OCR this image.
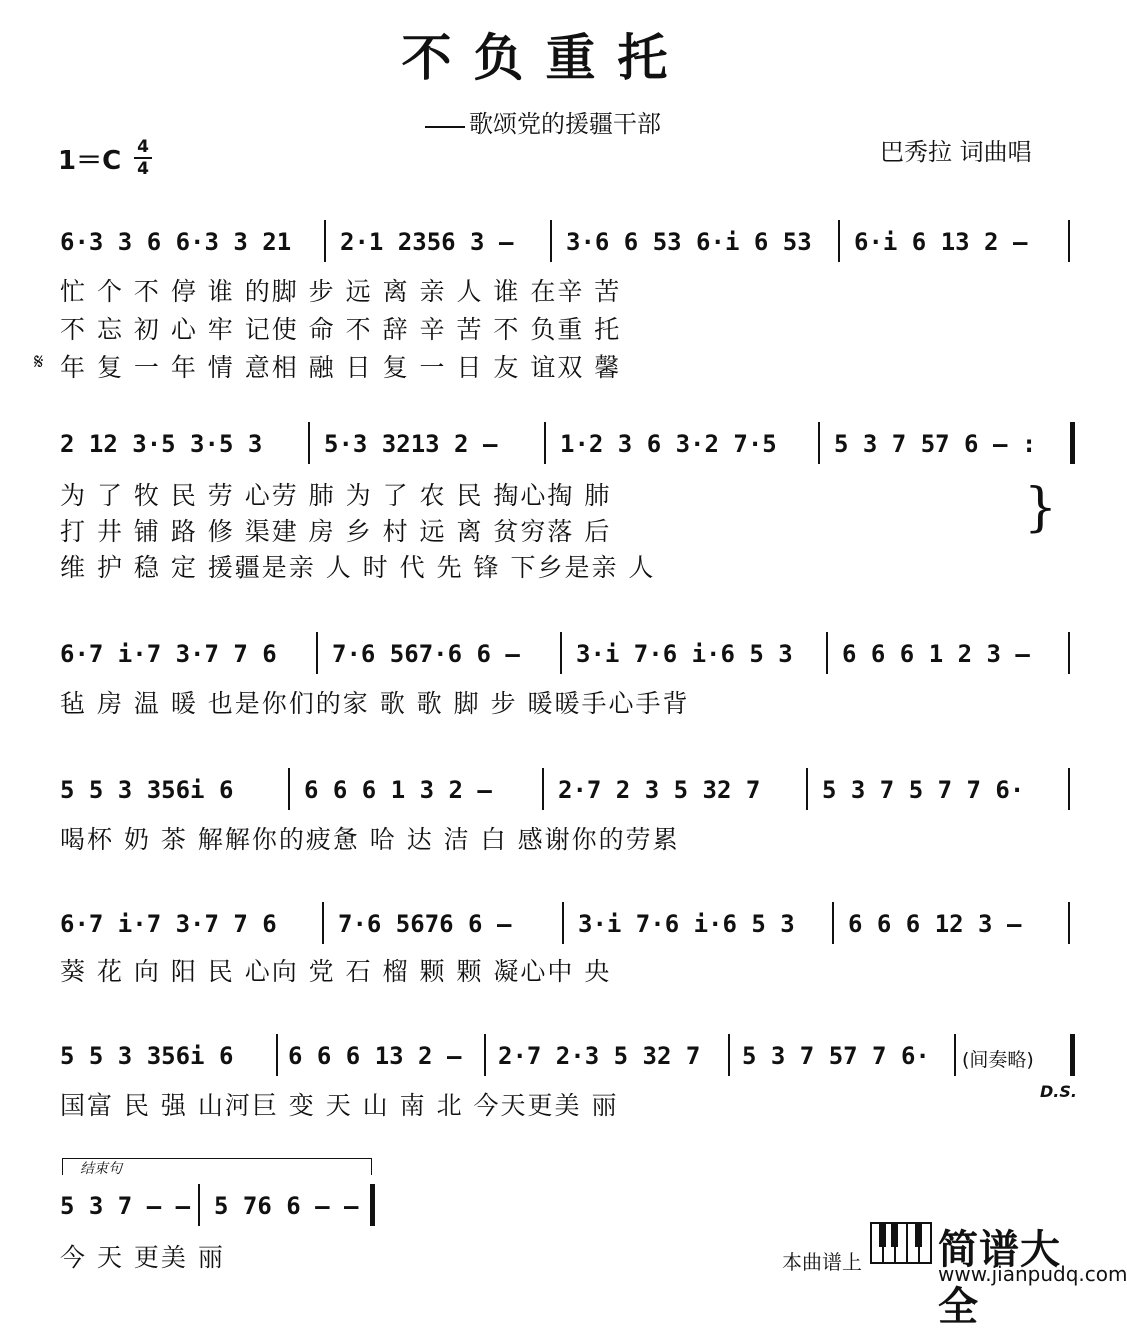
不负重托
歌颂党的援疆干部
1＝C 4
4
巴秀拉 词曲唱
6·3 3 6 6·3 3 21 2·1 2356 3 – 3·6 6 53 6·i 6 53 6·i 6 13 2 –
𝄋
忙 个 不 停 谁 的脚 步 远 离 亲 人 谁 在辛 苦
不 忘 初 心 牢 记使 命 不 辞 辛 苦 不 负重 托
年 复 一 年 情 意相 融 日 复 一 日 友 谊双 馨
2 12 3·5 3·5 3	5·3 3213 2 –	1·2 3 6 3·2 7·5 5 3 7 57 6 – :
为 了 牧 民 劳 心劳 肺 为 了 农 民 掏心掏 肺
打 井 铺 路 修 渠建 房 乡 村 远 离 贫穷落 后
维 护 稳 定 援疆是亲 人 时 代 先 锋 下乡是亲 人
}
6·7 i·7 3·7 7 6 7·6 567·6 6 – 3·i 7·6 i·6 5 3 6 6 6 1 2 3 –
毡 房 温 暖 也是你们的家 歌 歌 脚 步 暖暖手心手背
5 5 3 356i 6	6 6 6 1 3 2 –	2·7 2 3 5 32 7	5 3 7 5 7 7 6·
喝杯 奶 茶 解解你的疲惫 哈 达 洁 白 感谢你的劳累
6·7 i·7 3·7 7 6	7·6 5676 6 –	3·i 7·6 i·6 5 3 6 6 6 12 3 –
葵 花 向 阳 民 心向 党 石 榴 颗 颗 凝心中 央
5 5 3 356i 6 6 6 6 13 2 – 2·7 2·3 5 32 7 5 3 7 57 7 6· (间奏略)
D.S.
国富 民 强 山河巨 变 天 山 南 北 今天更美 丽
结束句
5 3 7 – – 5 76 6 – –
今 天 更美 丽	本曲谱上 简谱大全
www.jianpudq.com
